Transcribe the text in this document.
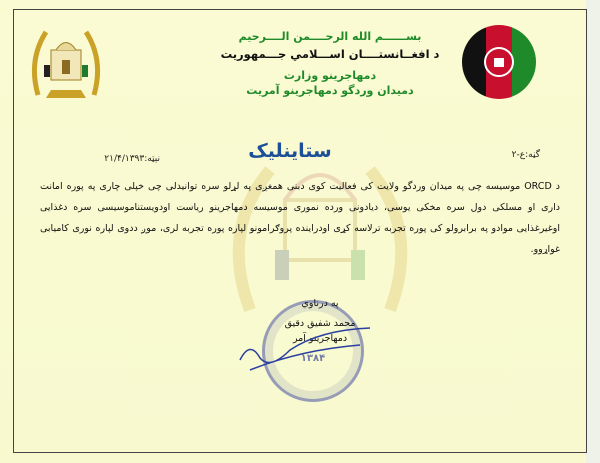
بســــــم الله الرحــــمن الــــرحيم
د افغــانستــــان اســـلامي جـــمهوريت
دمهاجرينو وزارت
دميدان وردگو دمهاجرينو آمريت
ستاینلیک	گڼه:ع-۲
نېټه:۲۱/۴/۱۳۹۳
د ORCD موسیسه چی په میدان وردگو ولایت کی فعالیت کوی دبنی همغږی په لړلو سره توانیدلی چی خپلی چاری په پوره امانت داری او مسلکی دول سره مخکی یوسی، دیادونی ورده نموری موسیسه دمهاجرینو ریاست اودویستناموسیسی سره دغذایی اوغیرغذایی موادو په برابرولو کی پوره تجربه ترلاسه کړی اودراینده پروګرامونو لپاره پوره تجربه لری، موږ ددوی لپاره نوری کامیابی غواړوو.
۱۳۸۴
په درناوي
محمد شفیق دقیق
دمهاجرینو آمر
